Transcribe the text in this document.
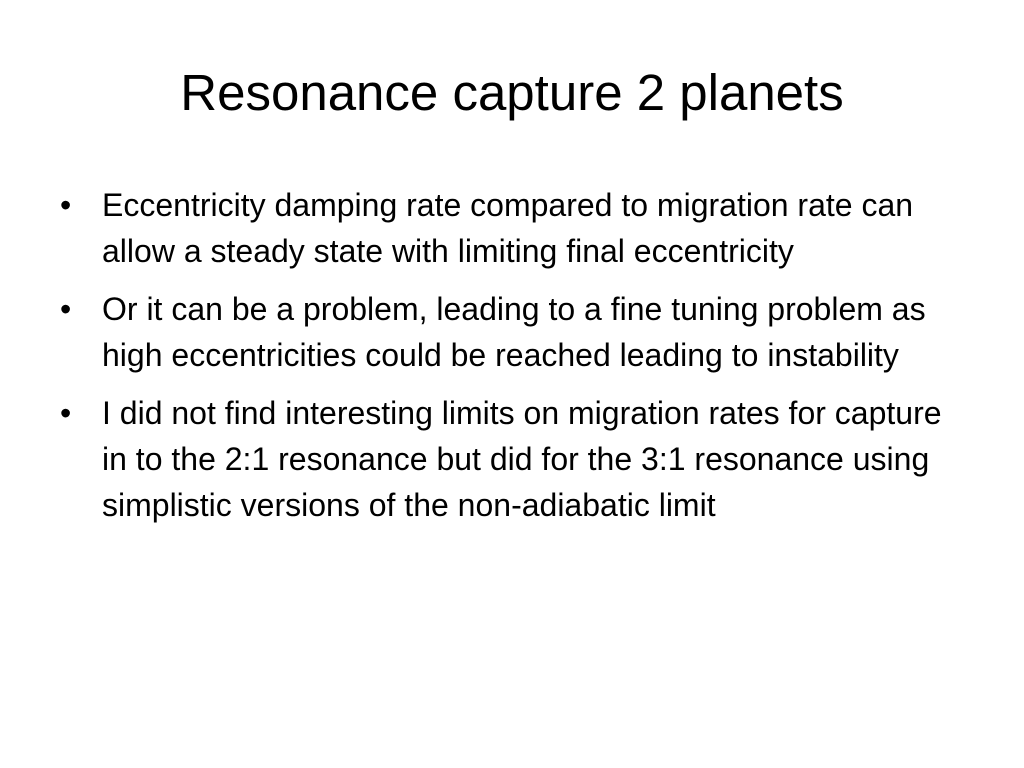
Resonance capture 2 planets
• Eccentricity damping rate compared to migration rate can allow a steady state with limiting final eccentricity
• Or it can be a problem, leading to a fine tuning problem as high eccentricities could be reached leading to instability
• I did not find interesting limits on migration rates for capture in to the 2:1 resonance but did for the 3:1 resonance using simplistic versions of the non-adiabatic limit
